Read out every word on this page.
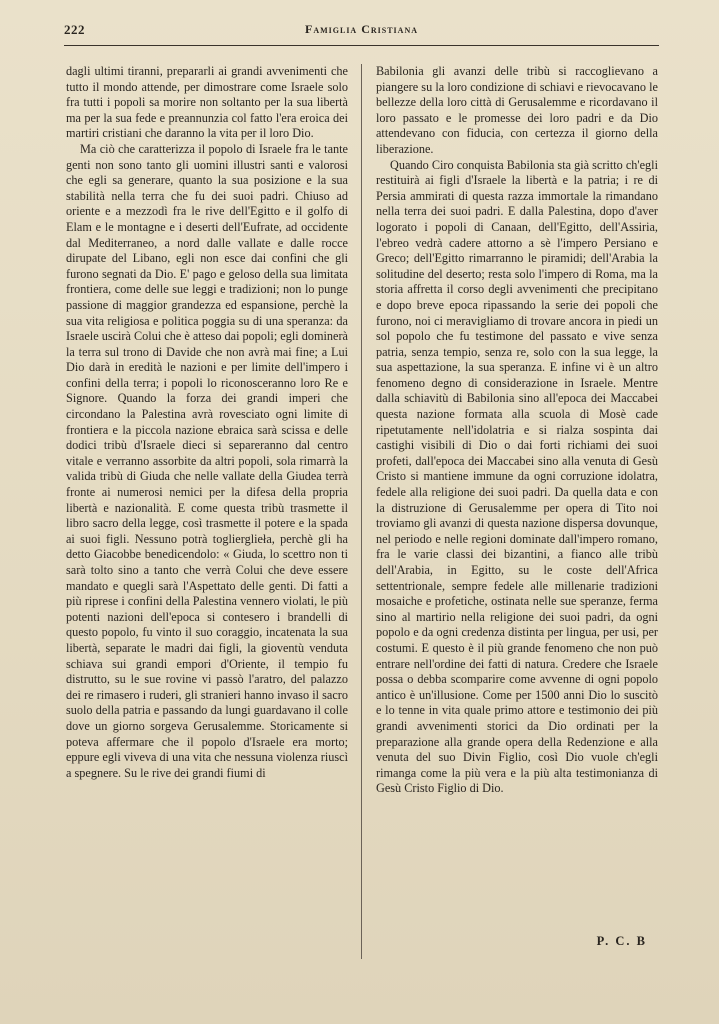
222	Famiglia Cristiana

dagli ultimi tiranni, prepararli ai grandi avvenimenti che tutto il mondo attende, per dimostrare come Israele solo fra tutti i popoli sa morire non soltanto per la sua libertà ma per la sua fede e preannunzia col fatto l'era eroica dei martiri cristiani che daranno la vita per il loro Dio.

Ma ciò che caratterizza il popolo di Israele fra le tante genti non sono tanto gli uomini illustri santi e valorosi che egli sa generare, quanto la sua posizione e la sua stabilità nella terra che fu dei suoi padri. Chiuso ad oriente e a mezzodì fra le rive dell'Egitto e il golfo di Elam e le montagne e i deserti dell'Eufrate, ad occidente dal Mediterraneo, a nord dalle vallate e dalle rocce dirupate del Libano, egli non esce dai confini che gli furono segnati da Dio. E' pago e geloso della sua limitata frontiera, come delle sue leggi e tradizioni; non lo punge passione di maggior grandezza ed espansione, perchè la sua vita religiosa e politica poggia su di una speranza: da Israele uscirà Colui che è atteso dai popoli; egli dominerà la terra sul trono di Davide che non avrà mai fine; a Lui Dio darà in eredità le nazioni e per limite dell'impero i confini della terra; i popoli lo riconosceranno loro Re e Signore. Quando la forza dei grandi imperi che circondano la Palestina avrà rovesciato ogni limite di frontiera e la piccola nazione ebraica sarà scissa e delle dodici tribù d'Israele dieci si separeranno dal centro vitale e verranno assorbite da altri popoli, sola rimarrà la valida tribù di Giuda che nelle vallate della Giudea terrà fronte ai numerosi nemici per la difesa della propria libertà e nazionalità. E come questa tribù trasmette il libro sacro della legge, così trasmette il potere e la spada ai suoi figli. Nessuno potrà toglierglieła, perchè gli ha detto Giacobbe benedicendolo: « Giuda, lo scettro non ti sarà tolto sino a tanto che verrà Colui che deve essere mandato e quegli sarà l'Aspettato delle genti. Di fatti a più riprese i confini della Palestina vennero violati, le più potenti nazioni dell'epoca si contesero i brandelli di questo popolo, fu vinto il suo coraggio, incatenata la sua libertà, separate le madri dai figli, la gioventù venduta schiava sui grandi empori d'Oriente, il tempio fu distrutto, su le sue rovine vi passò l'aratro, del palazzo dei re rimasero i ruderi, gli stranieri hanno invaso il sacro suolo della patria e passando da lungi guardavano il colle dove un giorno sorgeva Gerusalemme. Storicamente si poteva affermare che il popolo d'Israele era morto; eppure egli viveva di una vita che nessuna violenza riuscì a spegnere. Su le rive dei grandi fiumi di

Babilonia gli avanzi delle tribù si raccoglievano a piangere su la loro condizione di schiavi e rievocavano le bellezze della loro città di Gerusalemme e ricordavano il loro passato e le promesse dei loro padri e da Dio attendevano con fiducia, con certezza il giorno della liberazione.

Quando Ciro conquista Babilonia sta già scritto ch'egli restituirà ai figli d'Israele la libertà e la patria; i re di Persia ammirati di questa razza immortale la rimandano nella terra dei suoi padri. E dalla Palestina, dopo d'aver logorato i popoli di Canaan, dell'Egitto, dell'Assiria, l'ebreo vedrà cadere attorno a sè l'impero Persiano e Greco; dell'Egitto rimarranno le piramidi; dell'Arabia la solitudine del deserto; resta solo l'impero di Roma, ma la storia affretta il corso degli avvenimenti che precipitano e dopo breve epoca ripassando la serie dei popoli che furono, noi ci meravigliamo di trovare ancora in piedi un sol popolo che fu testimone del passato e vive senza patria, senza tempio, senza re, solo con la sua legge, la sua aspettazione, la sua speranza. E infine vi è un altro fenomeno degno di considerazione in Israele. Mentre dalla schiavitù di Babilonia sino all'epoca dei Maccabei questa nazione formata alla scuola di Mosè cade ripetutamente nell'idolatria e si rialza sospinta dai castighi visibili di Dio o dai forti richiami dei suoi profeti, dall'epoca dei Maccabei sino alla venuta di Gesù Cristo si mantiene immune da ogni corruzione idolatra, fedele alla religione dei suoi padri. Da quella data e con la distruzione di Gerusalemme per opera di Tito noi troviamo gli avanzi di questa nazione dispersa dovunque, nel periodo e nelle regioni dominate dall'impero romano, fra le varie classi dei bizantini, a fianco alle tribù dell'Arabia, in Egitto, su le coste dell'Africa settentrionale, sempre fedele alle millenarie tradizioni mosaiche e profetiche, ostinata nelle sue speranze, ferma sino al martirio nella religione dei suoi padri, da ogni popolo e da ogni credenza distinta per lingua, per usi, per costumi. E questo è il più grande fenomeno che non può entrare nell'ordine dei fatti di natura. Credere che Israele possa o debba scomparire come avvenne di ogni popolo antico è un'illusione. Come per 1500 anni Dio lo suscitò e lo tenne in vita quale primo attore e testimonio dei più grandi avvenimenti storici da Dio ordinati per la preparazione alla grande opera della Redenzione e alla venuta del suo Divin Figlio, così Dio vuole ch'egli rimanga come la più vera e la più alta testimonianza di Gesù Cristo Figlio di Dio.

P. C. B
